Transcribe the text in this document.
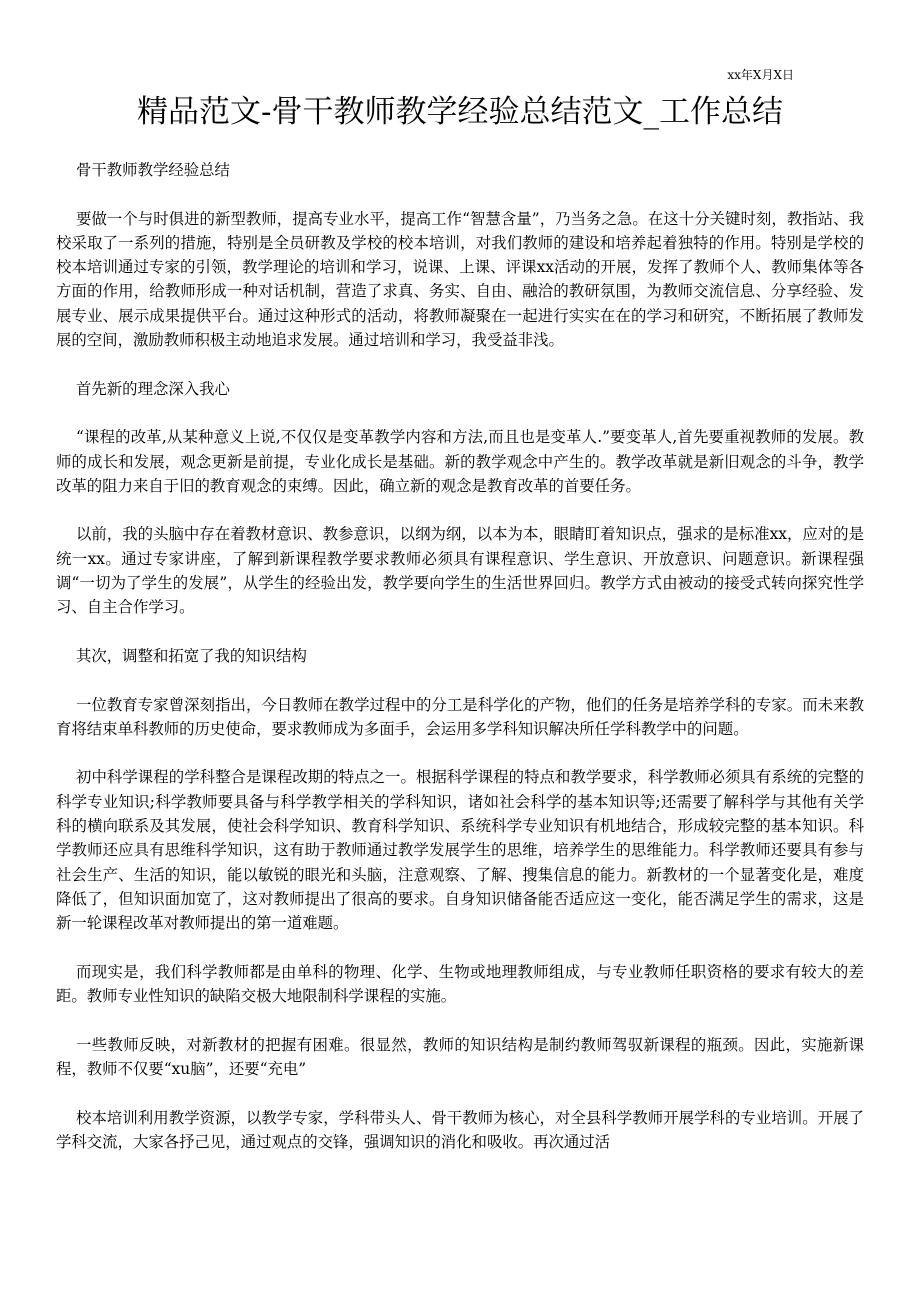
xx年X月X日
精品范文-骨干教师教学经验总结范文_工作总结

骨干教师教学经验总结

要做一个与时俱进的新型教师，提高专业水平，提高工作“智慧含量”，乃当务之急。在这十分关键时刻，教指站、我校采取了一系列的措施，特别是全员研教及学校的校本培训，对我们教师的建设和培养起着独特的作用。特别是学校的校本培训通过专家的引领，教学理论的培训和学习，说课、上课、评课xx活动的开展，发挥了教师个人、教师集体等各方面的作用，给教师形成一种对话机制，营造了求真、务实、自由、融洽的教研氛围，为教师交流信息、分享经验、发展专业、展示成果提供平台。通过这种形式的活动，将教师凝聚在一起进行实实在在的学习和研究，不断拓展了教师发展的空间，激励教师积极主动地追求发展。通过培训和学习，我受益非浅。

首先新的理念深入我心

“课程的改革,从某种意义上说,不仅仅是变革教学内容和方法,而且也是变革人.”要变革人,首先要重视教师的发展。教师的成长和发展，观念更新是前提，专业化成长是基础。新的教学观念中产生的。教学改革就是新旧观念的斗争，教学改革的阻力来自于旧的教育观念的束缚。因此，确立新的观念是教育改革的首要任务。

以前，我的头脑中存在着教材意识、教参意识，以纲为纲，以本为本，眼睛盯着知识点，强求的是标准xx，应对的是统一xx。通过专家讲座，了解到新课程教学要求教师必须具有课程意识、学生意识、开放意识、问题意识。新课程强调“一切为了学生的发展”，从学生的经验出发，教学要向学生的生活世界回归。教学方式由被动的接受式转向探究性学习、自主合作学习。

其次，调整和拓宽了我的知识结构

一位教育专家曾深刻指出，今日教师在教学过程中的分工是科学化的产物，他们的任务是培养学科的专家。而未来教育将结束单科教师的历史使命，要求教师成为多面手，会运用多学科知识解决所任学科教学中的问题。

初中科学课程的学科整合是课程改期的特点之一。根据科学课程的特点和教学要求，科学教师必须具有系统的完整的科学专业知识;科学教师要具备与科学教学相关的学科知识，诸如社会科学的基本知识等;还需要了解科学与其他有关学科的横向联系及其发展，使社会科学知识、教育科学知识、系统科学专业知识有机地结合，形成较完整的基本知识。科学教师还应具有思维科学知识，这有助于教师通过教学发展学生的思维，培养学生的思维能力。科学教师还要具有参与社会生产、生活的知识，能以敏锐的眼光和头脑，注意观察、了解、搜集信息的能力。新教材的一个显著变化是，难度降低了，但知识面加宽了，这对教师提出了很高的要求。自身知识储备能否适应这一变化，能否满足学生的需求，这是新一轮课程改革对教师提出的第一道难题。

而现实是，我们科学教师都是由单科的物理、化学、生物或地理教师组成，与专业教师任职资格的要求有较大的差距。教师专业性知识的缺陷交极大地限制科学课程的实施。

一些教师反映，对新教材的把握有困难。很显然，教师的知识结构是制约教师驾驭新课程的瓶颈。因此，实施新课程，教师不仅要“xu脑”，还要“充电”

校本培训利用教学资源，以教学专家，学科带头人、骨干教师为核心，对全县科学教师开展学科的专业培训。开展了学科交流，大家各抒己见，通过观点的交锋，强调知识的消化和吸收。再次通过活
